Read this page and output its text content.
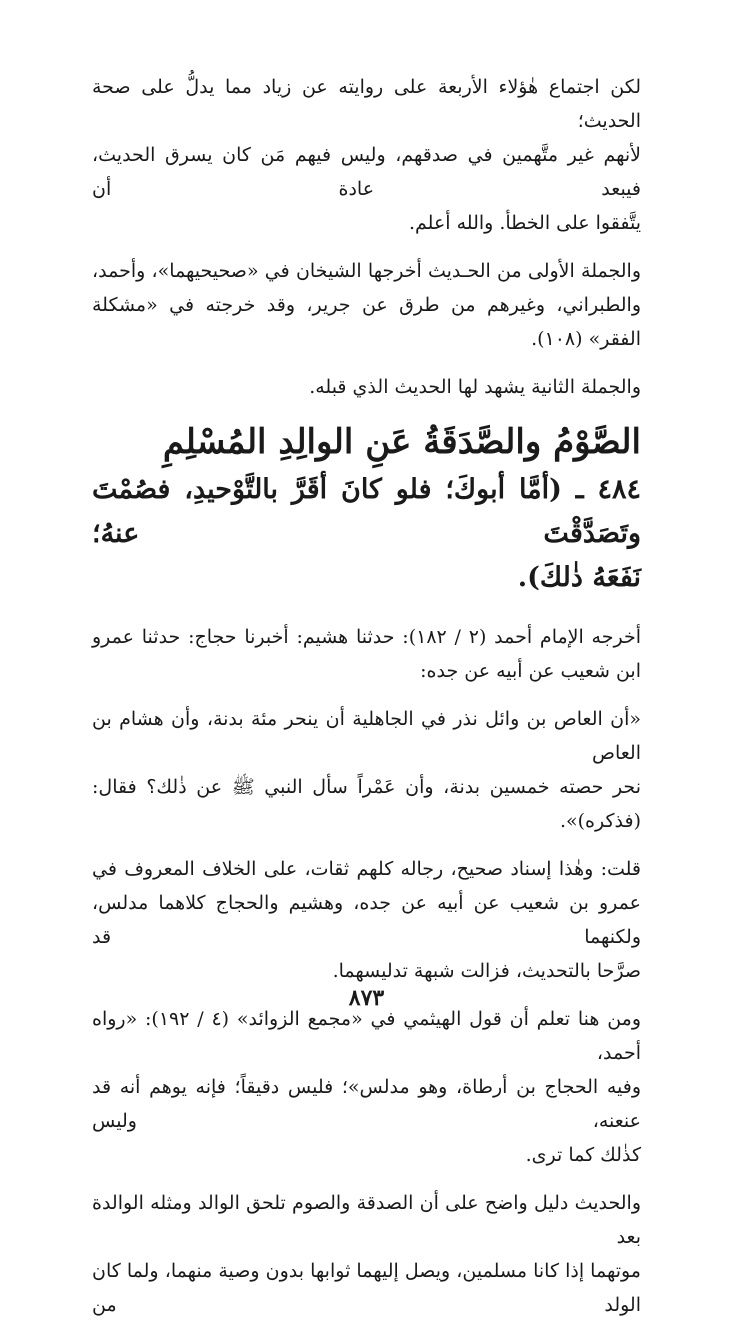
لكن اجتماع هٰؤلاء الأربعة على روايته عن زياد مما يدلُّ على صحة الحديث؛
لأنهم غير متَّهمين في صدقهم، وليس فيهم مَن كان يسرق الحديث، فيبعد عادة أن
يتَّفقوا على الخطأ. والله أعلم.
والجملة الأولى من الحـديث أخرجها الشيخان في «صحيحيهما»، وأحمد،
والطبراني، وغيرهم من طرق عن جرير، وقد خرجته في «مشكلة الفقر» (١٠٨).
والجملة الثانية يشهد لها الحديث الذي قبله.
الصَّوْمُ والصَّدَقَةُ عَنِ الوالِدِ المُسْلِمِ
٤٨٤ ـ (أمَّا أبوكَ؛ فلو كانَ أقَرَّ بالتَّوْحيدِ، فصُمْتَ وتَصَدَّقْتَ عنهُ؛
نَفَعَهُ ذٰلكَ).
أخرجه الإمام أحمد (٢ / ١٨٢): حدثنا هشيم: أخبرنا حجاج: حدثنا عمرو
ابن شعيب عن أبيه عن جده:
«أن العاص بن وائل نذر في الجاهلية أن ينحر مئة بدنة، وأن هشام بن العاص
نحر حصته خمسين بدنة، وأن عَمْراً سأل النبي ﷺ عن ذٰلك؟ فقال: (فذكره)».
قلت: وهٰذا إسناد صحيح، رجاله كلهم ثقات، على الخلاف المعروف في
عمرو بن شعيب عن أبيه عن جده، وهشيم والحجاج كلاهما مدلس، ولكنهما قد
صرَّحا بالتحديث، فزالت شبهة تدليسهما.
ومن هنا تعلم أن قول الهيثمي في «مجمع الزوائد» (٤ / ١٩٢): «رواه أحمد،
وفيه الحجاج بن أرطاة، وهو مدلس»؛ فليس دقيقاً؛ فإنه يوهم أنه قد عنعنه، وليس
كذٰلك كما ترى.
والحديث دليل واضح على أن الصدقة والصوم تلحق الوالد ومثله الوالدة بعد
موتهما إذا كانا مسلمين، ويصل إليهما ثوابها بدون وصية منهما، ولما كان الولد من
٨٧٣
